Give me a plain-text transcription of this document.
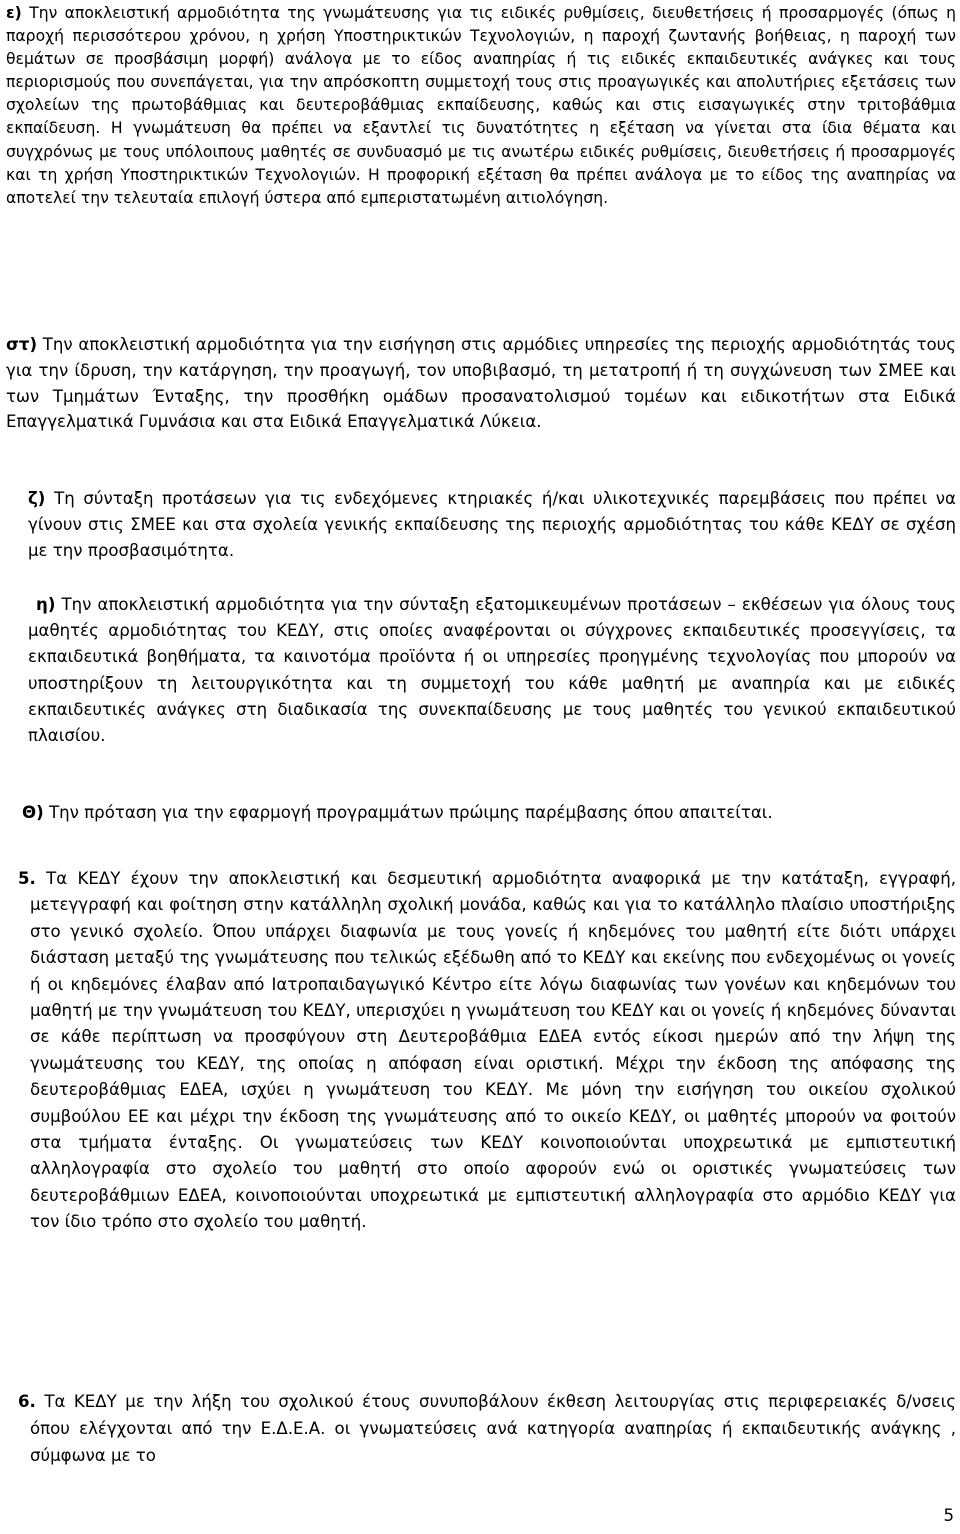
ε) Την αποκλειστική αρμοδιότητα της γνωμάτευσης για τις ειδικές ρυθμίσεις, διευθετήσεις ή προσαρμογές (όπως η παροχή περισσότερου χρόνου, η χρήση Υποστηρικτικών Τεχνολογιών, η παροχή ζωντανής βοήθειας, η παροχή των θεμάτων σε προσβάσιμη μορφή) ανάλογα με το είδος αναπηρίας ή τις ειδικές εκπαιδευτικές ανάγκες και τους περιορισμούς που συνεπάγεται, για την απρόσκοπτη συμμετοχή τους στις προαγωγικές και απολυτήριες εξετάσεις των σχολείων της πρωτοβάθμιας και δευτεροβάθμιας εκπαίδευσης, καθώς και στις εισαγωγικές στην τριτοβάθμια εκπαίδευση. Η γνωμάτευση θα πρέπει να εξαντλεί τις δυνατότητες η εξέταση να γίνεται στα ίδια θέματα και συγχρόνως με τους υπόλοιπους μαθητές σε συνδυασμό με τις ανωτέρω ειδικές ρυθμίσεις, διευθετήσεις ή προσαρμογές και τη χρήση Υποστηρικτικών Τεχνολογιών. Η προφορική εξέταση θα πρέπει ανάλογα με το είδος της αναπηρίας να αποτελεί την τελευταία επιλογή ύστερα από εμπεριστατωμένη αιτιολόγηση.

στ) Την αποκλειστική αρμοδιότητα για την εισήγηση στις αρμόδιες υπηρεσίες της περιοχής αρμοδιότητάς τους για την ίδρυση, την κατάργηση, την προαγωγή, τον υποβιβασμό, τη μετατροπή ή τη συγχώνευση των ΣΜΕΕ και των Τμημάτων Ένταξης, την προσθήκη ομάδων προσανατολισμού τομέων και ειδικοτήτων στα Ειδικά Επαγγελματικά Γυμνάσια και στα Ειδικά Επαγγελματικά Λύκεια.

ζ) Τη σύνταξη προτάσεων για τις ενδεχόμενες κτηριακές ή/και υλικοτεχνικές παρεμβάσεις που πρέπει να γίνουν στις ΣΜΕΕ και στα σχολεία γενικής εκπαίδευσης της περιοχής αρμοδιότητας του κάθε ΚΕΔΥ σε σχέση με την προσβασιμότητα.

η) Την αποκλειστική αρμοδιότητα για την σύνταξη εξατομικευμένων προτάσεων – εκθέσεων για όλους τους μαθητές αρμοδιότητας του ΚΕΔΥ, στις οποίες αναφέρονται οι σύγχρονες εκπαιδευτικές προσεγγίσεις, τα εκπαιδευτικά βοηθήματα, τα καινοτόμα προϊόντα ή οι υπηρεσίες προηγμένης τεχνολογίας που μπορούν να υποστηρίξουν τη λειτουργικότητα και τη συμμετοχή του κάθε μαθητή με αναπηρία και με ειδικές εκπαιδευτικές ανάγκες στη διαδικασία της συνεκπαίδευσης με τους μαθητές του γενικού εκπαιδευτικού πλαισίου.

Θ) Την πρόταση για την εφαρμογή προγραμμάτων πρώιμης παρέμβασης όπου απαιτείται.

5. Τα ΚΕΔΥ έχουν την αποκλειστική και δεσμευτική αρμοδιότητα αναφορικά με την κατάταξη, εγγραφή, μετεγγραφή και φοίτηση στην κατάλληλη σχολική μονάδα, καθώς και για το κατάλληλο πλαίσιο υποστήριξης στο γενικό σχολείο. Όπου υπάρχει διαφωνία με τους γονείς ή κηδεμόνες του μαθητή είτε διότι υπάρχει διάσταση μεταξύ της γνωμάτευσης που τελικώς εξέδωθη από το ΚΕΔΥ και εκείνης που ενδεχομένως οι γονείς ή οι κηδεμόνες έλαβαν από Ιατροπαιδαγωγικό Κέντρο είτε λόγω διαφωνίας των γονέων και κηδεμόνων του μαθητή με την γνωμάτευση του ΚΕΔΥ, υπερισχύει η γνωμάτευση του ΚΕΔΥ και οι γονείς ή κηδεμόνες δύνανται σε κάθε περίπτωση να προσφύγουν στη Δευτεροβάθμια ΕΔΕΑ εντός είκοσι ημερών από την λήψη της γνωμάτευσης του ΚΕΔΥ, της οποίας η απόφαση είναι οριστική. Μέχρι την έκδοση της απόφασης της δευτεροβάθμιας ΕΔΕΑ, ισχύει η γνωμάτευση του ΚΕΔΥ. Με μόνη την εισήγηση του οικείου σχολικού συμβούλου ΕΕ και μέχρι την έκδοση της γνωμάτευσης από το οικείο ΚΕΔΥ, οι μαθητές μπορούν να φοιτούν στα τμήματα ένταξης. Οι γνωματεύσεις των ΚΕΔΥ κοινοποιούνται υποχρεωτικά με εμπιστευτική αλληλογραφία στο σχολείο του μαθητή στο οποίο αφορούν ενώ οι οριστικές γνωματεύσεις των δευτεροβάθμιων ΕΔΕΑ, κοινοποιούνται υποχρεωτικά με εμπιστευτική αλληλογραφία στο αρμόδιο ΚΕΔΥ για τον ίδιο τρόπο στο σχολείο του μαθητή.

6. Τα ΚΕΔΥ με την λήξη του σχολικού έτους συνυποβάλουν έκθεση λειτουργίας στις περιφερειακές δ/νσεις όπου ελέγχονται από την Ε.Δ.Ε.Α. οι γνωματεύσεις ανά κατηγορία αναπηρίας ή εκπαιδευτικής ανάγκης , σύμφωνα με το

5
